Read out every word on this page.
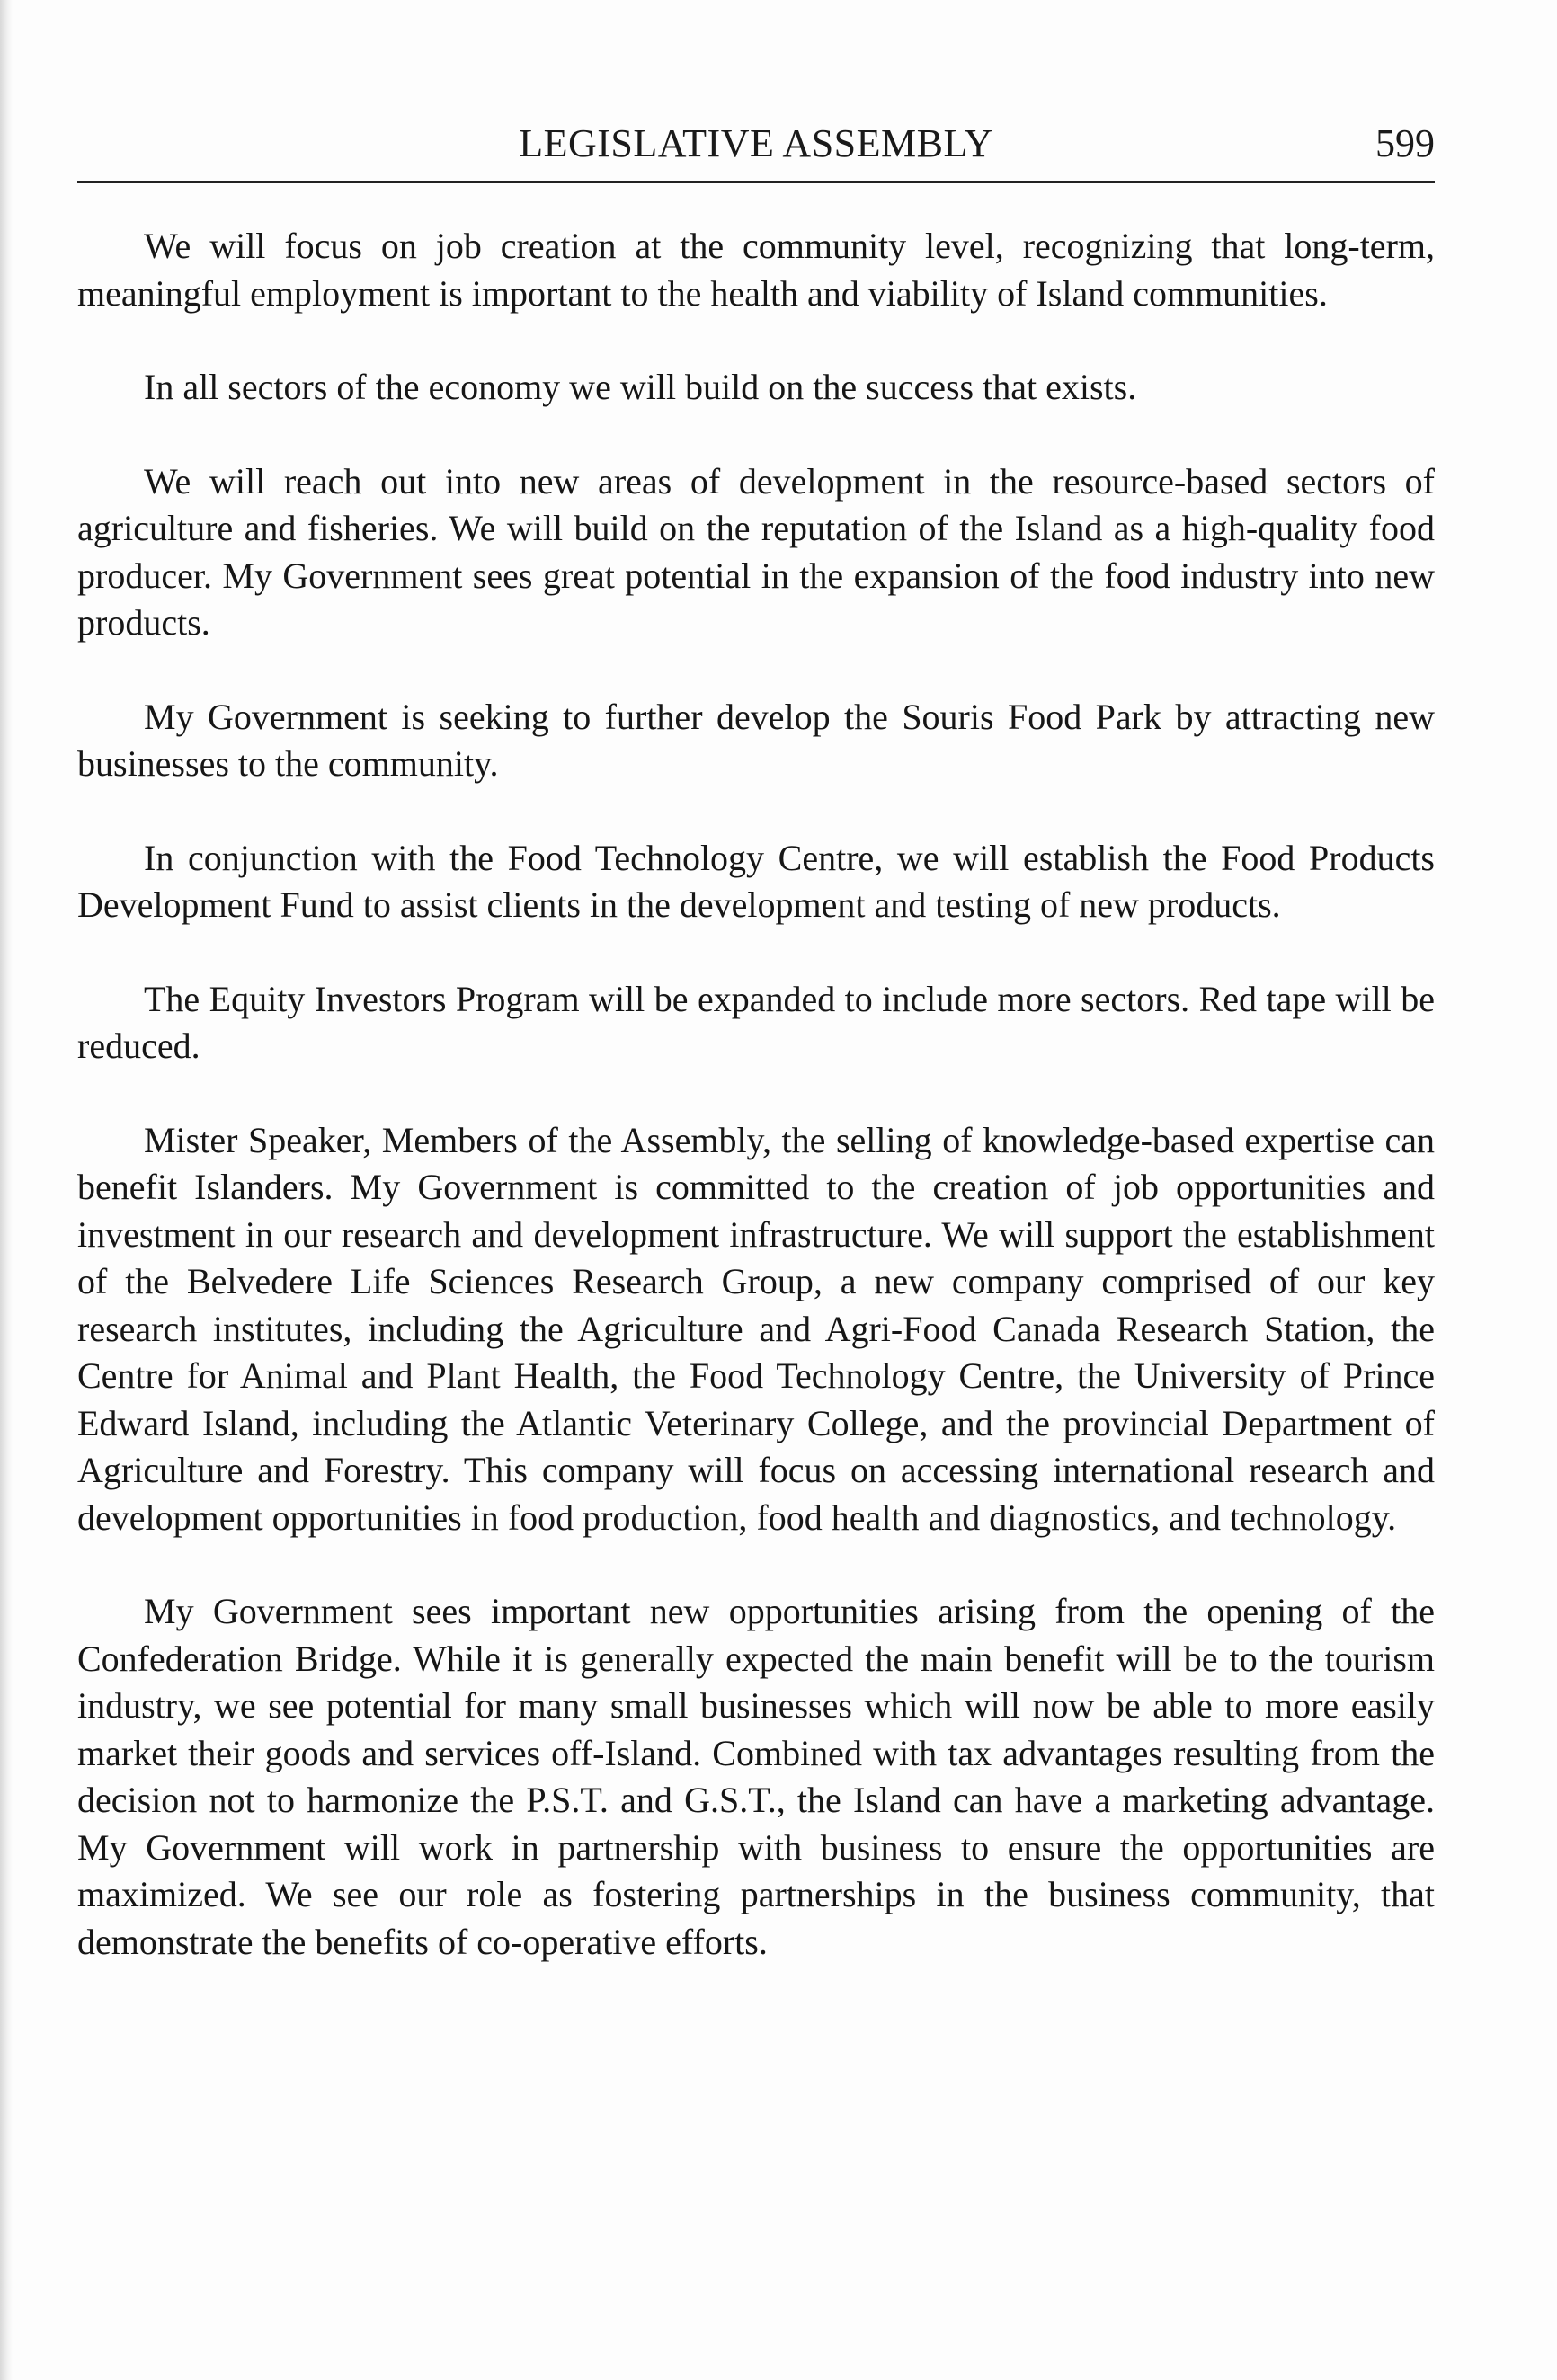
LEGISLATIVE ASSEMBLY	599

We will focus on job creation at the community level, recognizing that long-term, meaningful employment is important to the health and viability of Island communities.

In all sectors of the economy we will build on the success that exists.

We will reach out into new areas of development in the resource-based sectors of agriculture and fisheries. We will build on the reputation of the Island as a high-quality food producer. My Government sees great potential in the expansion of the food industry into new products.

My Government is seeking to further develop the Souris Food Park by attracting new businesses to the community.

In conjunction with the Food Technology Centre, we will establish the Food Products Development Fund to assist clients in the development and testing of new products.

The Equity Investors Program will be expanded to include more sectors. Red tape will be reduced.

Mister Speaker, Members of the Assembly, the selling of knowledge-based expertise can benefit Islanders. My Government is committed to the creation of job opportunities and investment in our research and development infrastructure. We will support the establishment of the Belvedere Life Sciences Research Group, a new company comprised of our key research institutes, including the Agriculture and Agri-Food Canada Research Station, the Centre for Animal and Plant Health, the Food Technology Centre, the University of Prince Edward Island, including the Atlantic Veterinary College, and the provincial Department of Agriculture and Forestry. This company will focus on accessing international research and development opportunities in food production, food health and diagnostics, and technology.

My Government sees important new opportunities arising from the opening of the Confederation Bridge. While it is generally expected the main benefit will be to the tourism industry, we see potential for many small businesses which will now be able to more easily market their goods and services off-Island. Combined with tax advantages resulting from the decision not to harmonize the P.S.T. and G.S.T., the Island can have a marketing advantage. My Government will work in partnership with business to ensure the opportunities are maximized. We see our role as fostering partnerships in the business community, that demonstrate the benefits of co-operative efforts.
